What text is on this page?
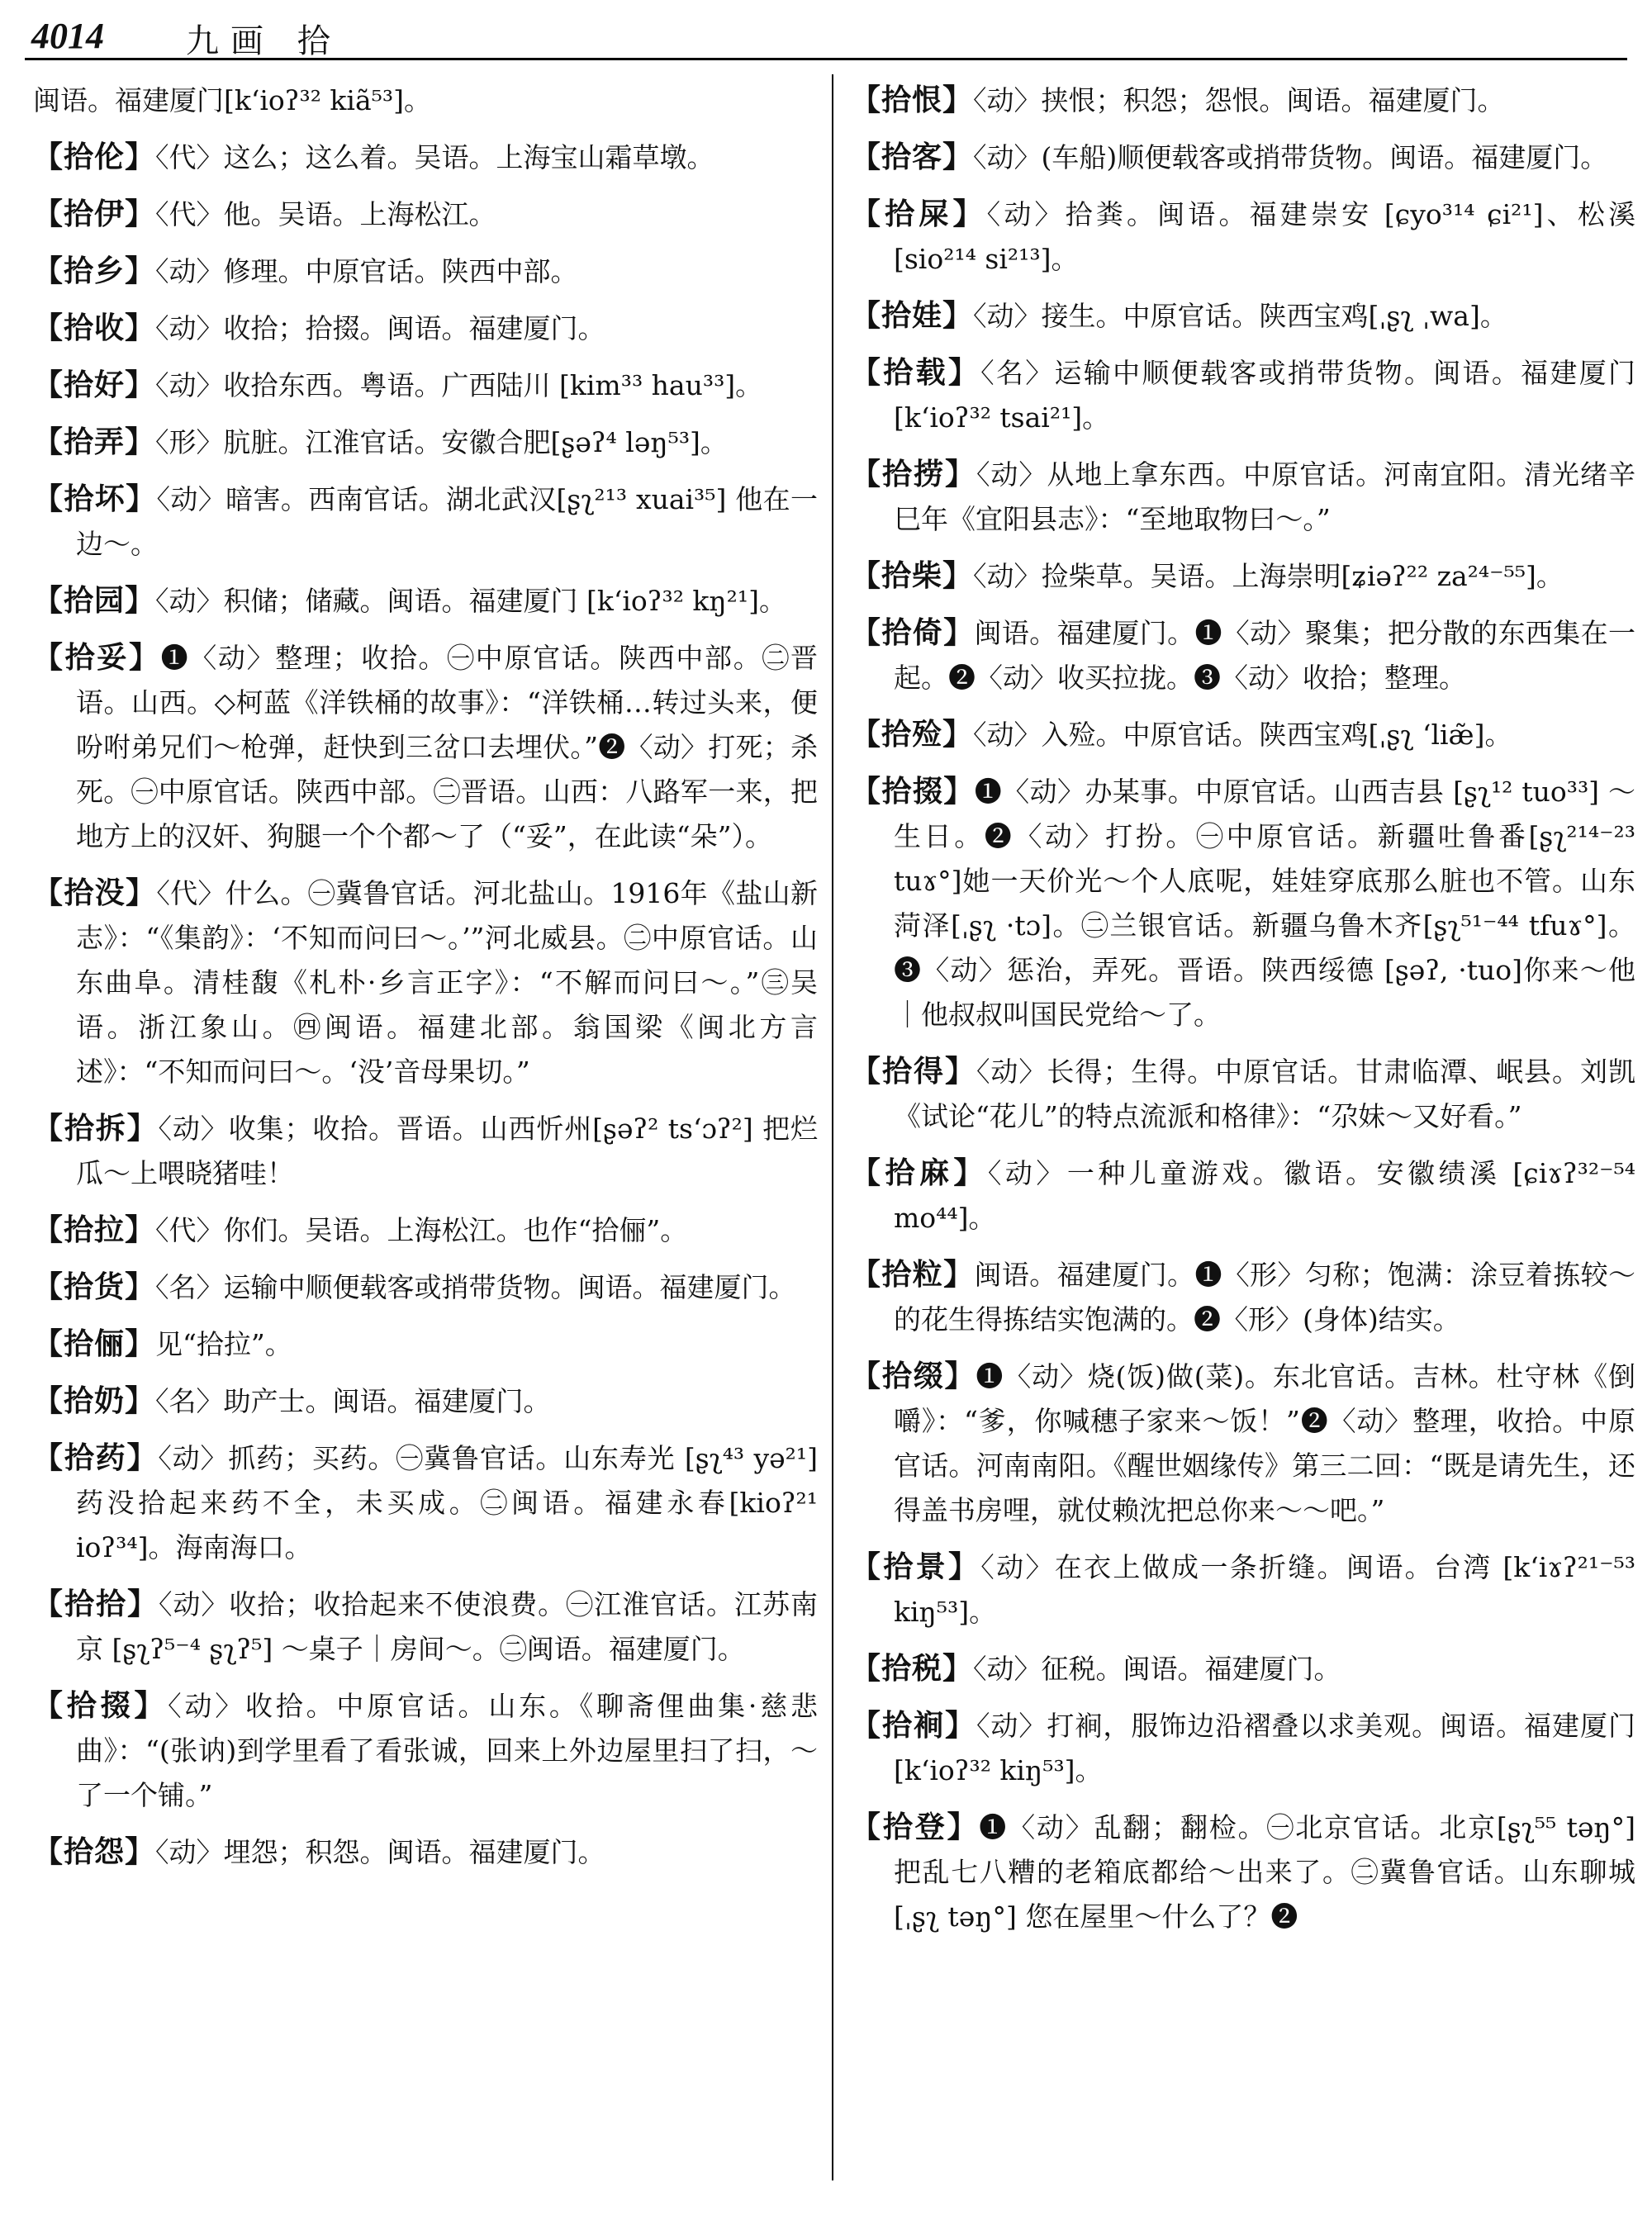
4014 九画 拾

闽语。福建厦门[k‘ioʔ³² kiã⁵³]。

【拾伦】〈代〉这么；这么着。吴语。上海宝山霜草墩。

【拾伊】〈代〉他。吴语。上海松江。

【拾乡】〈动〉修理。中原官话。陕西中部。

【拾收】〈动〉收拾；拾掇。闽语。福建厦门。

【拾好】〈动〉收拾东西。粤语。广西陆川 [kim³³ hau³³]。

【拾弄】〈形〉肮脏。江淮官话。安徽合肥[ʂəʔ⁴ ləŋ⁵³]。

【拾坏】〈动〉暗害。西南官话。湖北武汉[ʂʅ²¹³ xuai³⁵] 他在一边～。

【拾园】〈动〉积储；储藏。闽语。福建厦门 [k‘ioʔ³² kŋ²¹]。

【拾妥】❶〈动〉整理；收拾。㊀中原官话。陕西中部。㊁晋语。山西。◇柯蓝《洋铁桶的故事》：“洋铁桶…转过头来，便吩咐弟兄们～枪弹，赶快到三岔口去埋伏。”❷〈动〉打死；杀死。㊀中原官话。陕西中部。㊁晋语。山西：八路军一来，把地方上的汉奸、狗腿一个个都～了（“妥”，在此读“朵”）。

【拾没】〈代〉什么。㊀冀鲁官话。河北盐山。1916年《盐山新志》：“《集韵》：‘不知而问曰～。’”河北威县。㊁中原官话。山东曲阜。清桂馥《札朴·乡言正字》：“不解而问曰～。”㊂吴语。浙江象山。㊃闽语。福建北部。翁国梁《闽北方言述》：“不知而问曰～。‘没’音母果切。”

【拾拆】〈动〉收集；收拾。晋语。山西忻州[ʂəʔ² ts‘ɔʔ²] 把烂瓜～上喂晓猪哇！

【拾拉】〈代〉你们。吴语。上海松江。也作“拾俪”。

【拾货】〈名〉运输中顺便载客或捎带货物。闽语。福建厦门。

【拾俪】见“拾拉”。

【拾奶】〈名〉助产士。闽语。福建厦门。

【拾药】〈动〉抓药；买药。㊀冀鲁官话。山东寿光 [ʂʅ⁴³ yə²¹] 药没拾起来药不全，未买成。㊁闽语。福建永春[kioʔ²¹ ioʔ³⁴]。海南海口。

【拾拾】〈动〉收拾；收拾起来不使浪费。㊀江淮官话。江苏南京 [ʂʅʔ⁵⁻⁴ ʂʅʔ⁵] ～桌子｜房间～。㊁闽语。福建厦门。

【拾掇】〈动〉收拾。中原官话。山东。《聊斋俚曲集·慈悲曲》：“(张讷)到学里看了看张诚，回来上外边屋里扫了扫，～了一个铺。”

【拾怨】〈动〉埋怨；积怨。闽语。福建厦门。

【拾恨】〈动〉挟恨；积怨；怨恨。闽语。福建厦门。

【拾客】〈动〉(车船)顺便载客或捎带货物。闽语。福建厦门。

【拾屎】〈动〉拾粪。闽语。福建崇安 [ɕyo³¹⁴ ɕi²¹]、松溪[sio²¹⁴ si²¹³]。

【拾娃】〈动〉接生。中原官话。陕西宝鸡[ˌʂʅ ˌwa]。

【拾载】〈名〉运输中顺便载客或捎带货物。闽语。福建厦门 [k‘ioʔ³² tsai²¹]。

【拾捞】〈动〉从地上拿东西。中原官话。河南宜阳。清光绪辛巳年《宜阳县志》：“至地取物曰～。”

【拾柴】〈动〉捡柴草。吴语。上海崇明[ʑiəʔ²² za²⁴⁻⁵⁵]。

【拾倚】闽语。福建厦门。❶〈动〉聚集；把分散的东西集在一起。❷〈动〉收买拉拢。❸〈动〉收拾；整理。

【拾殓】〈动〉入殓。中原官话。陕西宝鸡[ˌʂʅ ‘liæ̃]。

【拾掇】❶〈动〉办某事。中原官话。山西吉县 [ʂʅ¹² tuo³³] ～生日。❷〈动〉打扮。㊀中原官话。新疆吐鲁番[ʂʅ²¹⁴⁻²³ tuɤ°]她一天价光～个人底呢，娃娃穿底那么脏也不管。山东菏泽[ˌʂʅ ·tɔ]。㊁兰银官话。新疆乌鲁木齐[ʂʅ⁵¹⁻⁴⁴ tfuɤ°]。❸〈动〉惩治，弄死。晋语。陕西绥德 [ʂəʔ, ·tuo]你来～他｜他叔叔叫国民党给～了。

【拾得】〈动〉长得；生得。中原官话。甘肃临潭、岷县。刘凯《试论“花儿”的特点流派和格律》：“尕妹～又好看。”

【拾麻】〈动〉一种儿童游戏。徽语。安徽绩溪 [ɕiɤʔ³²⁻⁵⁴ mo⁴⁴]。

【拾粒】闽语。福建厦门。❶〈形〉匀称；饱满：涂豆着拣较～的花生得拣结实饱满的。❷〈形〉(身体)结实。

【拾缀】❶〈动〉烧(饭)做(菜)。东北官话。吉林。杜守林《倒嚼》：“爹，你喊穗子家来～饭！”❷〈动〉整理，收拾。中原官话。河南南阳。《醒世姻缘传》第三二回：“既是请先生，还得盖书房哩，就仗赖沈把总你来～～吧。”

【拾景】〈动〉在衣上做成一条折缝。闽语。台湾 [k‘iɤʔ²¹⁻⁵³ kiŋ⁵³]。

【拾税】〈动〉征税。闽语。福建厦门。

【拾裥】〈动〉打裥，服饰边沿褶叠以求美观。闽语。福建厦门[k‘ioʔ³² kiŋ⁵³]。

【拾登】❶〈动〉乱翻；翻检。㊀北京官话。北京[ʂʅ⁵⁵ təŋ°] 把乱七八糟的老箱底都给～出来了。㊁冀鲁官话。山东聊城 [ˌʂʅ təŋ°] 您在屋里～什么了？❷
